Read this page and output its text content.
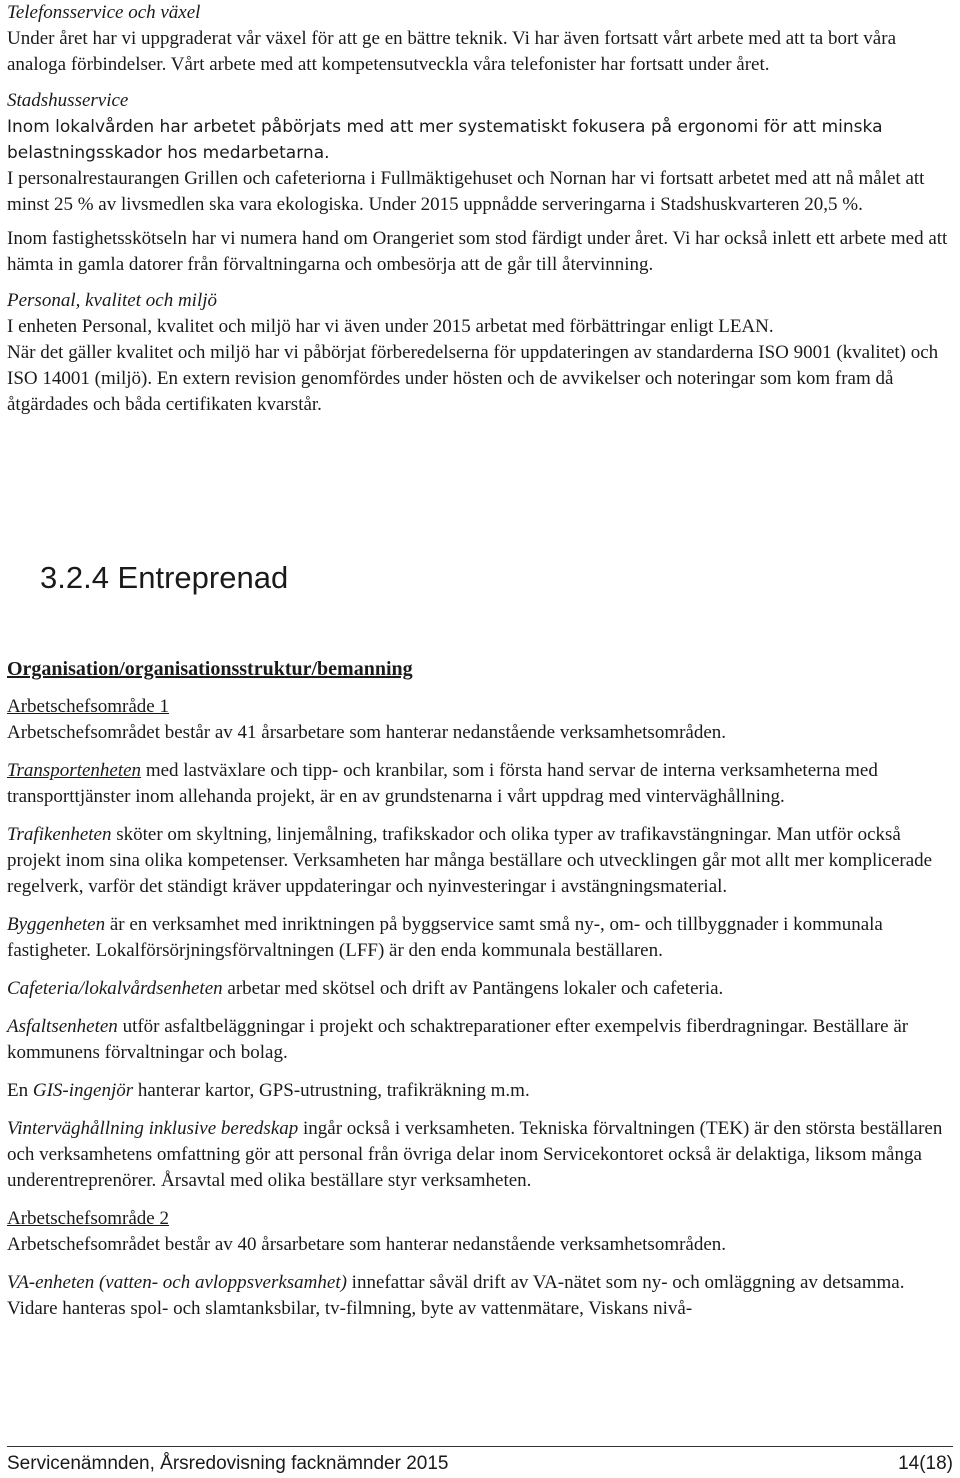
Telefonsservice och växel

Under året har vi uppgraderat vår växel för att ge en bättre teknik. Vi har även fortsatt vårt arbete med att ta bort våra analoga förbindelser. Vårt arbete med att kompetensutveckla våra telefonister har fortsatt under året.

Stadshusservice

Inom lokalvården har arbetet påbörjats med att mer systematiskt fokusera på ergonomi för att minska belastningsskador hos medarbetarna.

I personalrestaurangen Grillen och cafeteriorna i Fullmäktigehuset och Nornan har vi fortsatt arbetet med att nå målet att minst 25 % av livsmedlen ska vara ekologiska. Under 2015 uppnådde serveringarna i Stadshuskvarteren 20,5 %.

Inom fastighetsskötseln har vi numera hand om Orangeriet som stod färdigt under året. Vi har också inlett ett arbete med att hämta in gamla datorer från förvaltningarna och ombesörja att de går till återvinning.

Personal, kvalitet och miljö

I enheten Personal, kvalitet och miljö har vi även under 2015 arbetat med förbättringar enligt LEAN.

När det gäller kvalitet och miljö har vi påbörjat förberedelserna för uppdateringen av standarderna ISO 9001 (kvalitet) och ISO 14001 (miljö). En extern revision genomfördes under hösten och de avvikelser och noteringar som kom fram då åtgärdades och båda certifikaten kvarstår.

3.2.4 Entreprenad
Organisation/organisationsstruktur/bemanning

Arbetschefsområde 1

Arbetschefsområdet består av 41 årsarbetare som hanterar nedanstående verksamhetsområden.

Transportenheten med lastväxlare och tipp- och kranbilar, som i första hand servar de interna verksamheterna med transporttjänster inom allehanda projekt, är en av grundstenarna i vårt uppdrag med vinterväghållning.

Trafikenheten sköter om skyltning, linjemålning, trafikskador och olika typer av trafikavstängningar. Man utför också projekt inom sina olika kompetenser. Verksamheten har många beställare och utvecklingen går mot allt mer komplicerade regelverk, varför det ständigt kräver uppdateringar och nyinvesteringar i avstängningsmaterial.

Byggenheten är en verksamhet med inriktningen på byggservice samt små ny-, om- och tillbyggnader i kommunala fastigheter. Lokalförsörjningsförvaltningen (LFF) är den enda kommunala beställaren.

Cafeteria/lokalvårdsenheten arbetar med skötsel och drift av Pantängens lokaler och cafeteria.

Asfaltsenheten utför asfaltbeläggningar i projekt och schaktreparationer efter exempelvis fiberdragningar. Beställare är kommunens förvaltningar och bolag.

En GIS-ingenjör hanterar kartor, GPS-utrustning, trafikräkning m.m.

Vinterväghållning inklusive beredskap ingår också i verksamheten. Tekniska förvaltningen (TEK) är den största beställaren och verksamhetens omfattning gör att personal från övriga delar inom Servicekontoret också är delaktiga, liksom många underentreprenörer. Årsavtal med olika beställare styr verksamheten.

Arbetschefsområde 2

Arbetschefsområdet består av 40 årsarbetare som hanterar nedanstående verksamhetsområden.

VA-enheten (vatten- och avloppsverksamhet) innefattar såväl drift av VA-nätet som ny- och omläggning av detsamma. Vidare hanteras spol- och slamtanksbilar, tv-filmning, byte av vattenmätare, Viskans nivå-

Servicenämnden, Årsredovisning facknämnder 2015	14(18)
